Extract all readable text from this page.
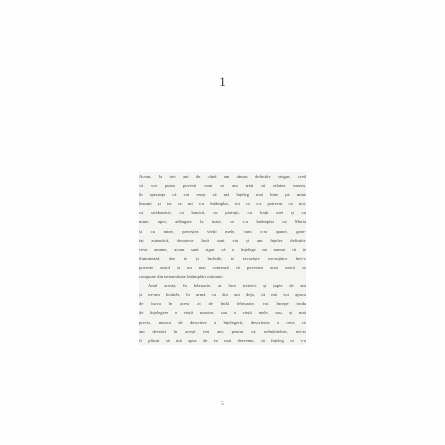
1
Acum, la trei ani de când am rămas definitiv singur, cred
că voi putea povesti cum ce am trăit să relatez mereu,
în speranța că voi reuși să mă înțeleg mai bine pe mine
însumi și tot ce mi s-a întâmplat, tot ce s-a petrecut cu noi,
cu străbunicii, cu bunicii, cu părinții, cu frații mei și cu
mine, apoi, adăugate la toate, ce s-a întâmplat cu Maria
și cu mine, poveștea vieții mele, cum s-ar spune, gran-
tat autentică, deoarece încă sunt viu și am înțeles definitiv
ceva anume, acum sunt sigur că o înțelege nu numai că te
iluminează, dar te și închide, te izvorăște necruțător într-o
poveste unică și nu mai contează că povestea acea unică se
compune din nenumărate întâmplări mărunte.
Anul acesta, în februarie, ar face treizeci și șapte de ani
și ne-am hotărât, în urmă cu doi ani deja, că mă voi apuca
de lucru în acest zi de întâi februarie, voi începe truda
de înțelegere a vieții noastre, sau a vieții mele, sau, și mai
precis, munca de descriere a înțelegerii, descrierea a ceea ce
am devenit în acești trei ani, pentru că, neîndoielnic, mi-ar
fi plăcut să mă apuc de ea mai devreme, să înțeleg ce s-a
5
